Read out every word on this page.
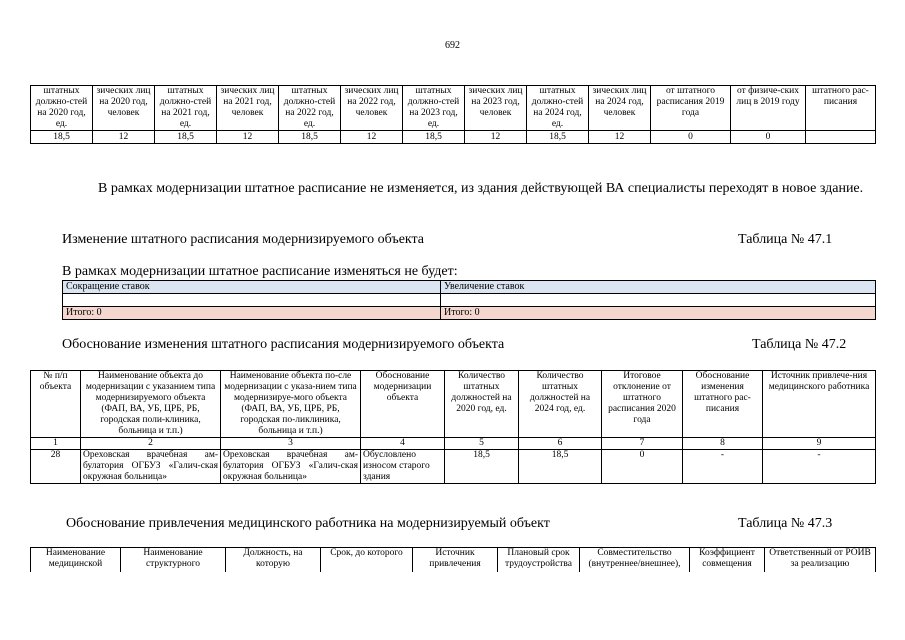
692
штатных должно-стей на 2020 год, ед.	зических лиц на 2020 год, человек	штатных должно-стей на 2021 год, ед.	зических лиц на 2021 год, человек	штатных должно-стей на 2022 год, ед.	зических лиц на 2022 год, человек	штатных должно-стей на 2023 год, ед.	зических лиц на 2023 год, человек	штатных должно-стей на 2024 год, ед.	зических лиц на 2024 год, человек	от штатного расписания 2019 года	от физиче-ских лиц в 2019 году	штатного рас-писания
18,5	12	18,5	12	18,5	12	18,5	12	18,5	12	0	0	

В рамках модернизации штатное расписание не изменяется, из здания действующей ВА специалисты переходят в новое здание.

Изменение штатного расписания модернизируемого объекта	Таблица № 47.1

В рамках модернизации штатное расписание изменяться не будет:

Сокращение ставок	Увеличение ставок

Итого: 0	Итого: 0
Обоснование изменения штатного расписания модернизируемого объекта	Таблица № 47.2
№ п/п объекта	Наименование объекта до модернизации с указанием типа модернизируемого объекта (ФАП, ВА, УБ, ЦРБ, РБ, городская поли-клиника, больница и т.п.)	Наименование объекта по-сле модернизации с указа-нием типа модернизируе-мого объекта (ФАП, ВА, УБ, ЦРБ, РБ, городская по-ликлиника, больница и т.п.)	Обоснование модернизации объекта	Количество штатных должностей на 2020 год, ед.	Количество штатных должностей на 2024 год, ед.	Итоговое отклонение от штатного расписания 2020 года	Обоснование изменения штатного рас-писания	Источник привлече-ния медицинского работника
1	2	3	4	5	6	7	8	9
28	Ореховская врачебная ам-булатория ОГБУЗ «Галич-ская окружная больница»	Ореховская врачебная ам-булатория ОГБУЗ «Галич-ская окружная больница»	Обусловлено износом старого здания	18,5	18,5	0	-	-
Обоснование привлечения медицинского работника на модернизируемый объект	Таблица № 47.3
Наименование медицинской	Наименование структурного	Должность, на которую	Срок, до которого	Источник привлечения	Плановый срок трудоустройства	Совместительство (внутреннее/внешнее),	Коэффициент совмещения	Ответственный от РОИВ за реализацию
